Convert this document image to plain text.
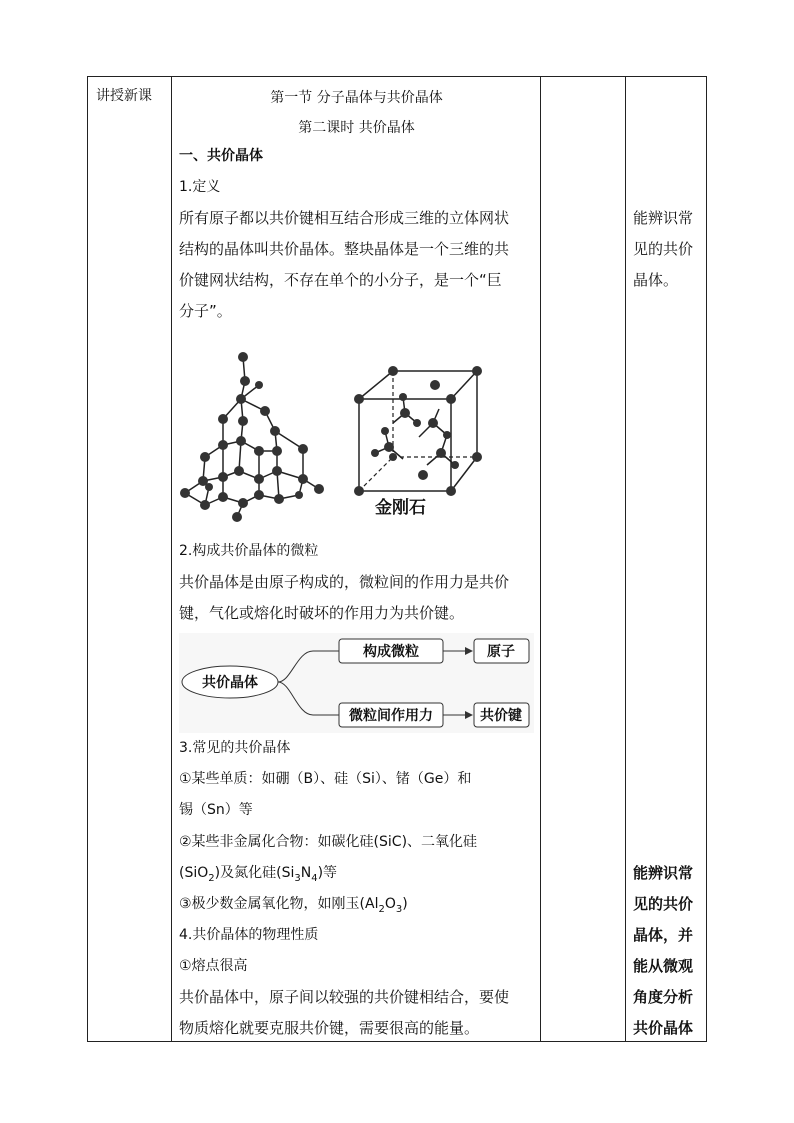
讲授新课	第一节 分子晶体与共价晶体
第二课时 共价晶体
一、共价晶体
1.定义
所有原子都以共价键相互结合形成三维的立体网状
结构的晶体叫共价晶体。整块晶体是一个三维的共
价键网状结构，不存在单个的小分子，是一个“巨
分子”。
金刚石
2.构成共价晶体的微粒
共价晶体是由原子构成的，微粒间的作用力是共价
键，气化或熔化时破坏的作用力为共价键。
共价晶体
构成微粒
微粒间作用力
原子
共价键
3.常见的共价晶体
①某些单质：如硼（B）、硅（Si）、锗（Ge）和
锡（Sn）等
②某些非金属化合物：如碳化硅(SiC)、二氧化硅
(SiO$_2$)及氮化硅$(Si_3N_4)$等
③极少数金属氧化物，如刚玉$(Al_2O_3)$
4.共价晶体的物理性质
①熔点很高
共价晶体中，原子间以较强的共价键相结合，要使
物质熔化就要克服共价键，需要很高的能量。
能辨识常
见的共价
晶体。
能辨识常
见的共价
晶体，并
能从微观
角度分析
共价晶体
